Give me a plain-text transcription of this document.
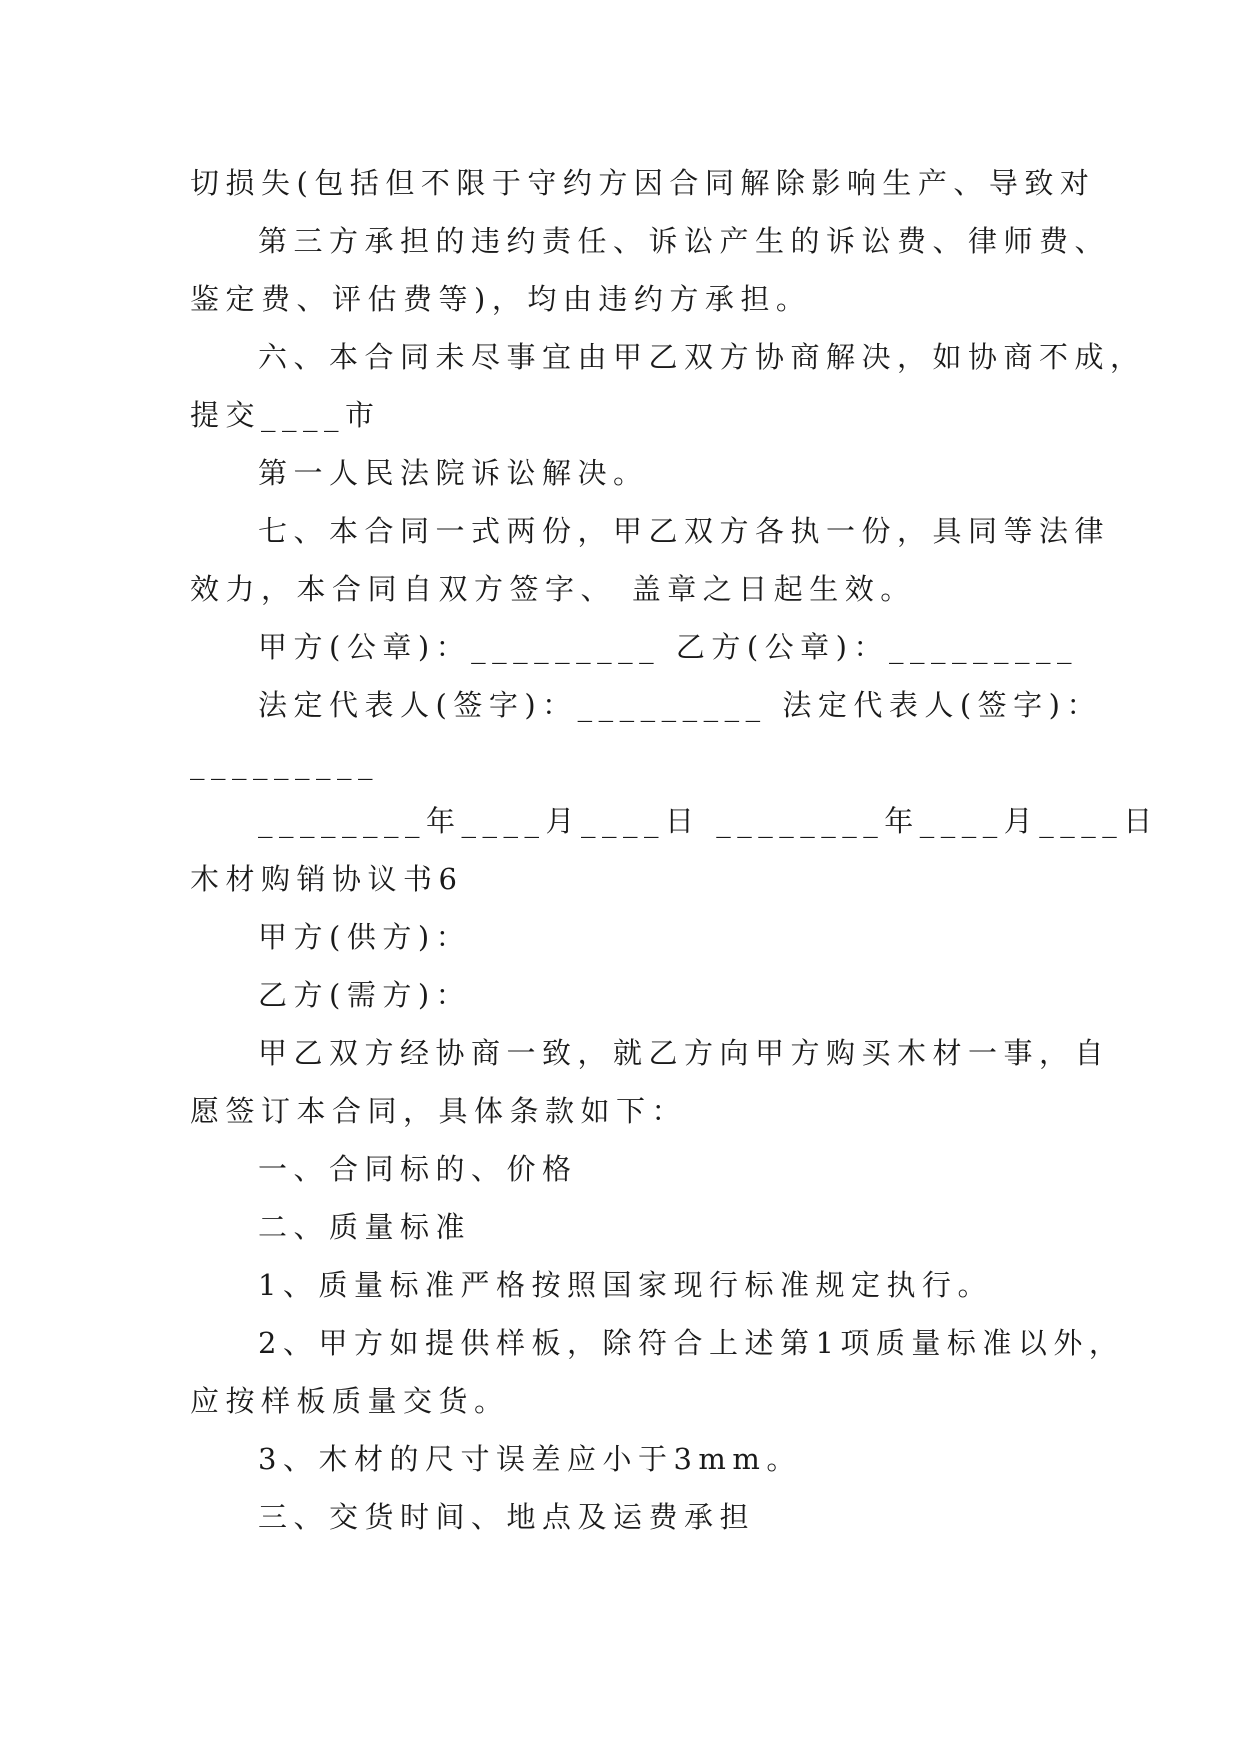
切损失(包括但不限于守约方因合同解除影响生产、导致对
第三方承担的违约责任、诉讼产生的诉讼费、律师费、
鉴定费、评估费等)，均由违约方承担。
六、本合同未尽事宜由甲乙双方协商解决，如协商不成，
提交____市
第一人民法院诉讼解决。
七、本合同一式两份，甲乙双方各执一份，具同等法律
效力，本合同自双方签字、 盖章之日起生效。
甲方(公章)：_________ 乙方(公章)：_________
法定代表人(签字)：_________ 法定代表人(签字)：
_________
________年____月____日 ________年____月____日
木材购销协议书6
甲方(供方)：
乙方(需方)：
甲乙双方经协商一致，就乙方向甲方购买木材一事，自
愿签订本合同，具体条款如下：
一、合同标的、价格
二、质量标准
1、质量标准严格按照国家现行标准规定执行。
2、甲方如提供样板，除符合上述第1项质量标准以外，
应按样板质量交货。
3、木材的尺寸误差应小于3mm。
三、交货时间、地点及运费承担
